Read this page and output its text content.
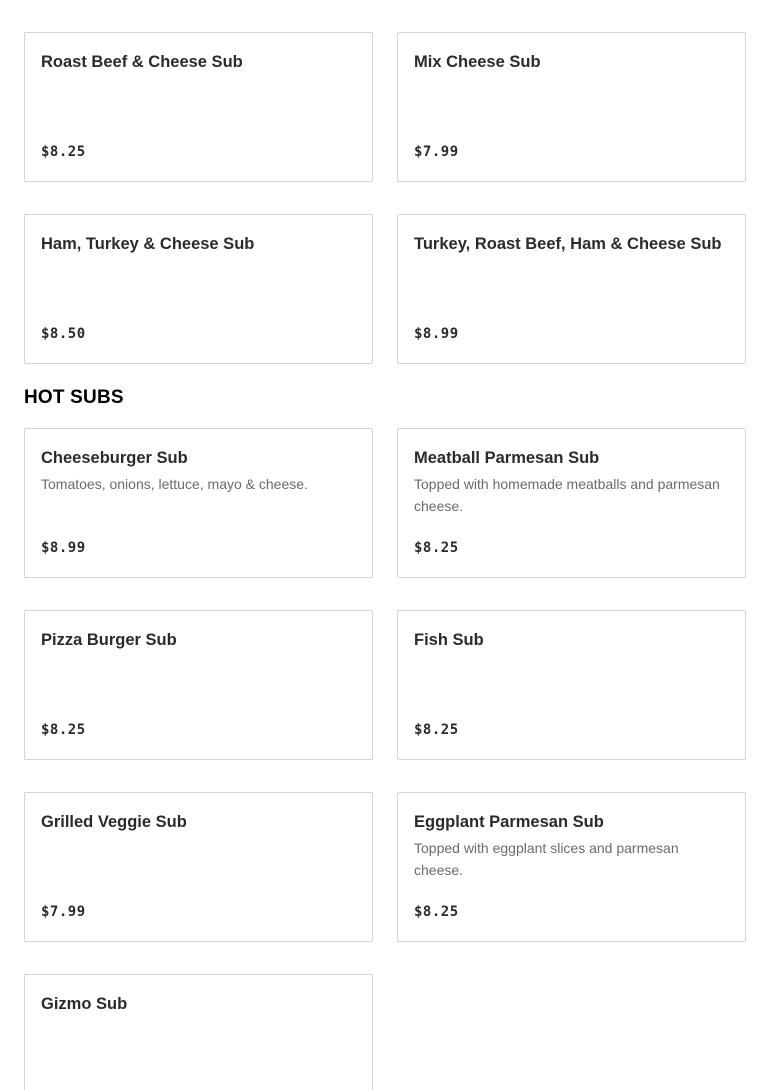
Roast Beef & Cheese Sub
$8.25
Mix Cheese Sub
$7.99
Ham, Turkey & Cheese Sub
$8.50
Turkey, Roast Beef, Ham & Cheese Sub
$8.99
HOT SUBS
Cheeseburger Sub
Tomatoes, onions, lettuce, mayo & cheese.
$8.99
Meatball Parmesan Sub
Topped with homemade meatballs and parmesan cheese.
$8.25
Pizza Burger Sub
$8.25
Fish Sub
$8.25
Grilled Veggie Sub
$7.99
Eggplant Parmesan Sub
Topped with eggplant slices and parmesan cheese.
$8.25
Gizmo Sub
